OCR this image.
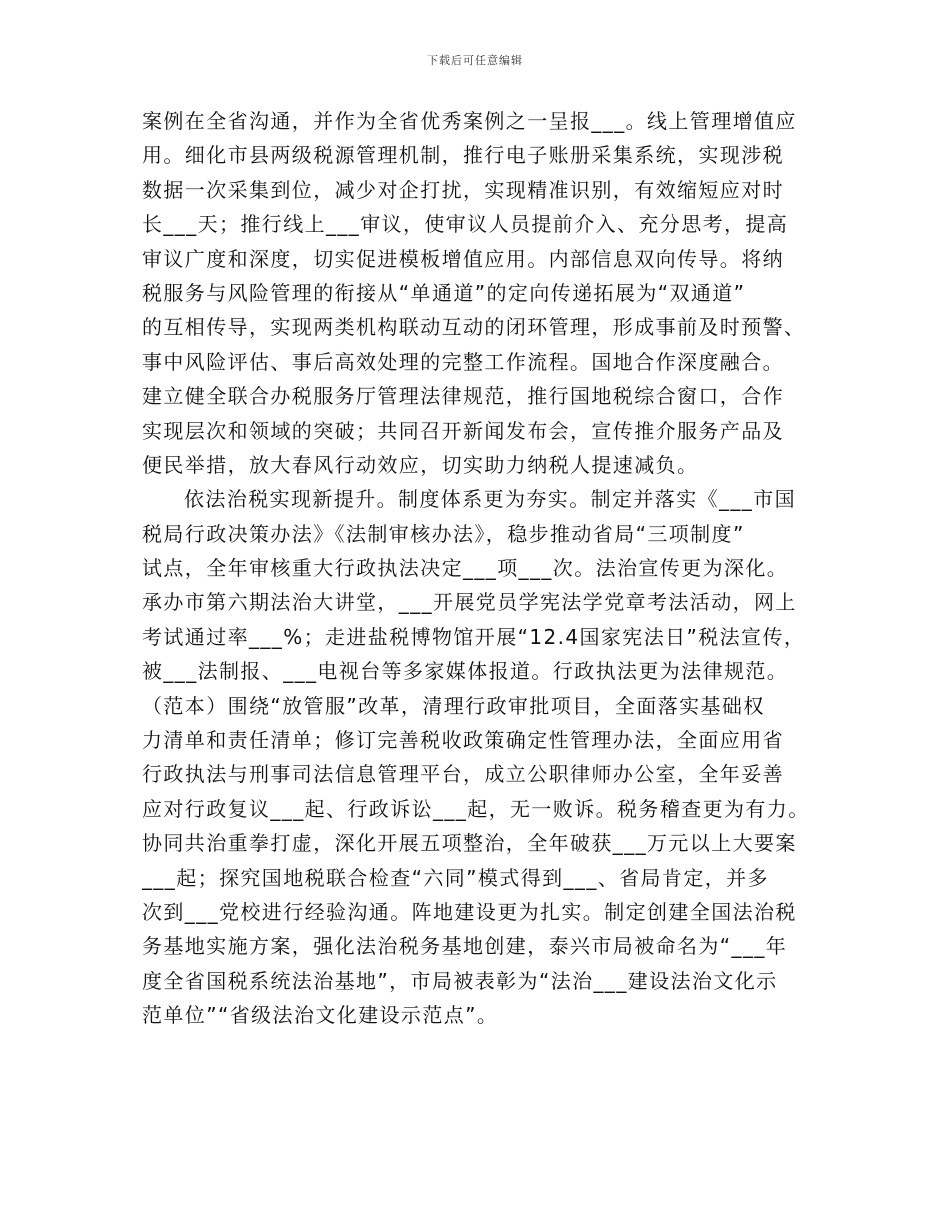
下载后可任意编辑
案例在全省沟通，并作为全省优秀案例之一呈报___。线上管理增值应
用。细化市县两级税源管理机制，推行电子账册采集系统，实现涉税
数据一次采集到位，减少对企打扰，实现精准识别，有效缩短应对时
长___天；推行线上___审议，使审议人员提前介入、充分思考，提高
审议广度和深度，切实促进模板增值应用。内部信息双向传导。将纳
税服务与风险管理的衔接从“单通道”的定向传递拓展为“双通道”
的互相传导，实现两类机构联动互动的闭环管理，形成事前及时预警、
事中风险评估、事后高效处理的完整工作流程。国地合作深度融合。
建立健全联合办税服务厅管理法律规范，推行国地税综合窗口，合作
实现层次和领域的突破；共同召开新闻发布会，宣传推介服务产品及
便民举措，放大春风行动效应，切实助力纳税人提速减负。
依法治税实现新提升。制度体系更为夯实。制定并落实《___市国
税局行政决策办法》《法制审核办法》，稳步推动省局“三项制度”
试点，全年审核重大行政执法决定___项___次。法治宣传更为深化。
承办市第六期法治大讲堂，___开展党员学宪法学党章考法活动，网上
考试通过率___%；走进盐税博物馆开展“12.4国家宪法日”税法宣传，
被___法制报、___电视台等多家媒体报道。行政执法更为法律规范。
（范本）围绕“放管服”改革，清理行政审批项目，全面落实基础权
力清单和责任清单；修订完善税收政策确定性管理办法，全面应用省
行政执法与刑事司法信息管理平台，成立公职律师办公室，全年妥善
应对行政复议___起、行政诉讼___起，无一败诉。税务稽查更为有力。
协同共治重拳打虚，深化开展五项整治，全年破获___万元以上大要案
___起；探究国地税联合检查“六同”模式得到___、省局肯定，并多
次到___党校进行经验沟通。阵地建设更为扎实。制定创建全国法治税
务基地实施方案，强化法治税务基地创建，泰兴市局被命名为“___年
度全省国税系统法治基地”，市局被表彰为“法治___建设法治文化示
范单位”“省级法治文化建设示范点”。
